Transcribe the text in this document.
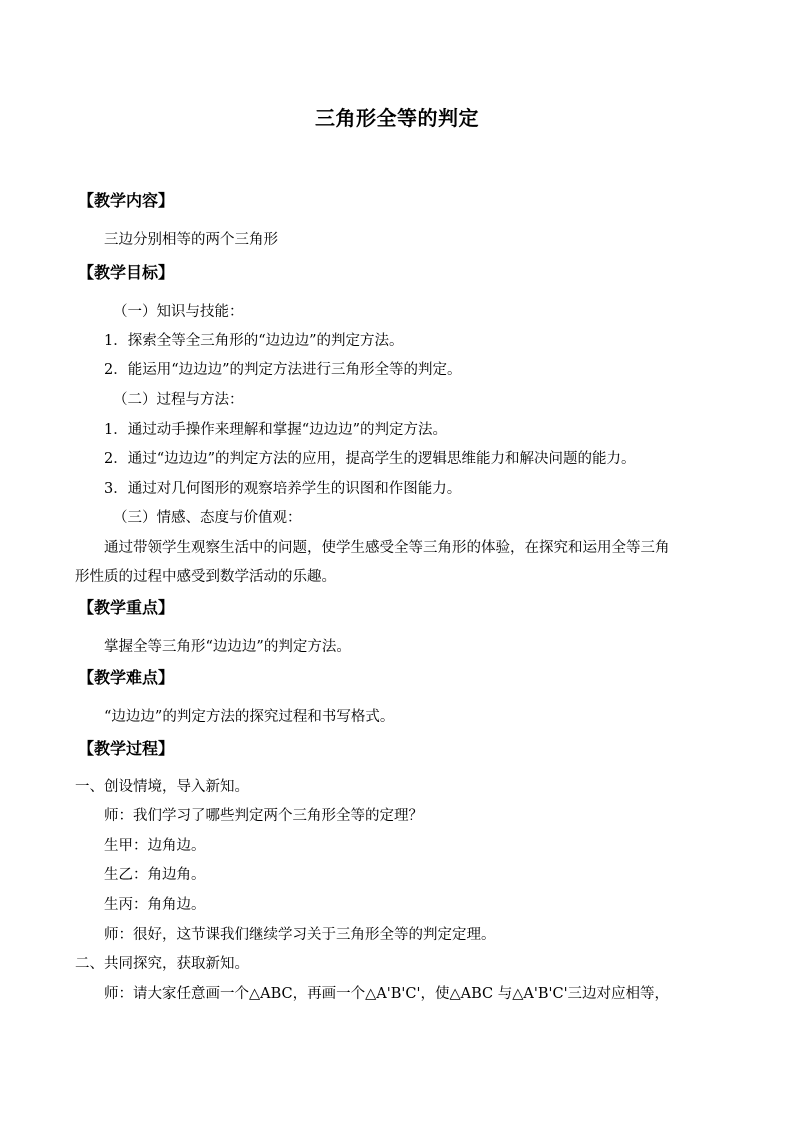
三角形全等的判定
【教学内容】
三边分别相等的两个三角形
【教学目标】
（一）知识与技能：
1．探索全等全三角形的“边边边”的判定方法。
2．能运用“边边边”的判定方法进行三角形全等的判定。
（二）过程与方法：
1．通过动手操作来理解和掌握“边边边”的判定方法。
2．通过“边边边”的判定方法的应用，提高学生的逻辑思维能力和解决问题的能力。
3．通过对几何图形的观察培养学生的识图和作图能力。
（三）情感、态度与价值观：
通过带领学生观察生活中的问题，使学生感受全等三角形的体验，在探究和运用全等三角
形性质的过程中感受到数学活动的乐趣。
【教学重点】
掌握全等三角形“边边边”的判定方法。
【教学难点】
“边边边”的判定方法的探究过程和书写格式。
【教学过程】
一、创设情境，导入新知。
师：我们学习了哪些判定两个三角形全等的定理？
生甲：边角边。
生乙：角边角。
生丙：角角边。
师：很好，这节课我们继续学习关于三角形全等的判定定理。
二、共同探究，获取新知。
师：请大家任意画一个△ABC，再画一个△A'B'C'，使△ABC 与△A'B'C'三边对应相等，
